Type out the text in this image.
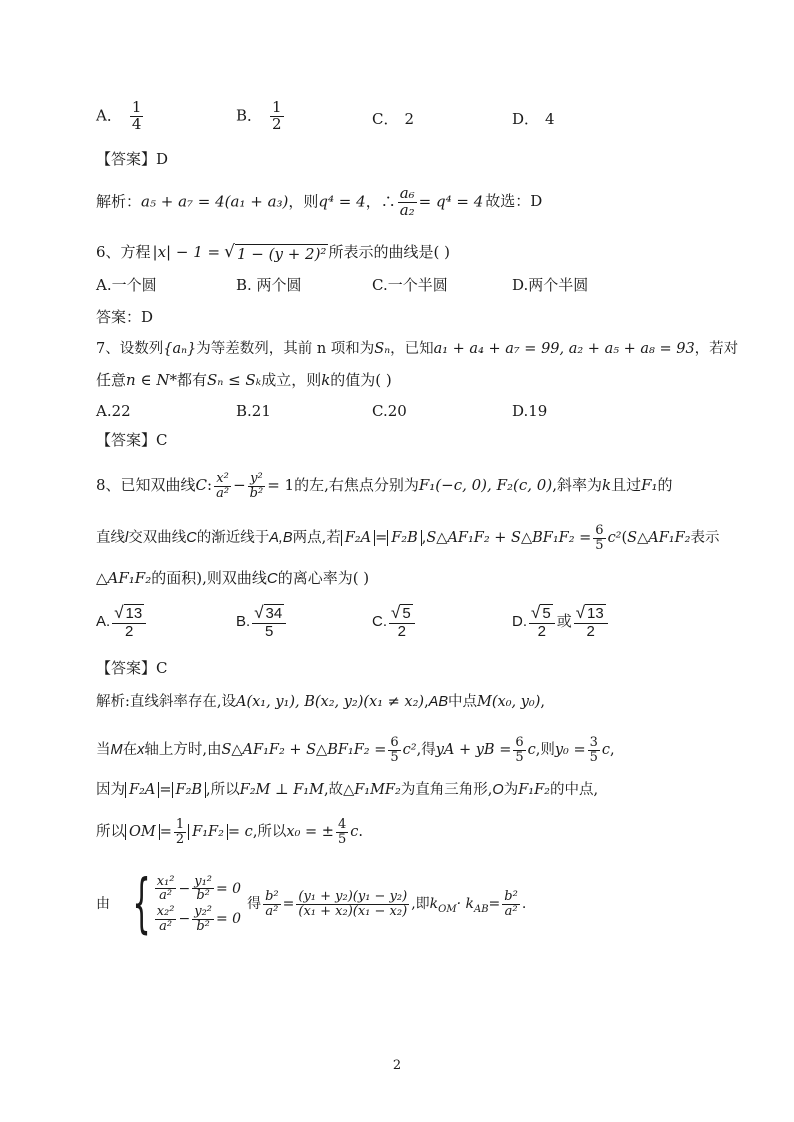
A． $\frac{1}{4}$	B． $\frac{1}{2}$	C． 2	D． 4
【答案】D
解析：a₅ + a₇ = 4(a₁ + a₃)，则q⁴ = 4，∴ $\frac{\text{a₆}}{\text{a₂}} = q^4 = 4$ 故选：D
6、方程 |x| − 1 = √ 1 − (y + 2)² 所表示的曲线是( )
A.一个圆	B. 两个圆	C.一个半圆	D.两个半圆
答案：D
7、设数列{aₙ}为等差数列，其前 n 项和为Sₙ，已知a₁ + a₄ + a₇ = 99, a₂ + a₅ + a₈ = 93，若对
任意n ∈ N*都有Sₙ ≤ Sₖ成立，则k的值为( )
A.22	B.21	C.20	D.19
【答案】C
8、已知双曲线C: $\frac{\text{x²}}{\text{a²}} - \frac{\text{y²}}{\text{b²}} = 1$的左,右焦点分别为F₁(−c, 0), F₂(c, 0),斜率为k且过F₁的
直线l交双曲线C的渐近线于A,B两点,若 F₂A = F₂B ,S△AF₁F₂ + S△BF₁F₂ = $\frac{6}{5}$ c²(S△AF₁F₂表示
△AF₁F₂的面积),则双曲线C的离心率为( )
A. $\frac{√ 13}{2}$	B. $\frac{√ 34}{5}$	C. $\frac{√ 5}{2}$	D. $\frac{√ 5}{2}$ 或 $\frac{√ 13}{2}$
【答案】C
解析:直线斜率存在,设A(x₁, y₁), B(x₂, y₂)(x₁ ≠ x₂),AB中点M(x₀, y₀),
当M在x轴上方时,由S△AF₁F₂ + S△BF₁F₂ = $\frac{6}{5} c^2$,得yA + yB = $\frac{6}{5} c$,则$y_0 = \frac{3}{5} c$,
因为 F₂A = F₂B ,所以F₂M ⊥ F₁M,故△F₁MF₂为直角三角形,O为F₁F₂的中点,
所以 OM = $\frac{1}{2} F_1F_2 = c$,所以x₀ = ± $\frac{4}{5} c$.
由 { $\frac{\text{x₁²}}{\text{a²}} - \frac{\text{y₁²}}{\text{b²}} = 0$
$\frac{\text{x₂²}}{\text{a²}} - \frac{\text{y₂²}}{\text{b²}} = 0$
得 $\frac{\text{b²}}{\text{a²}} = \frac{\text{(y₁ + y₂)(y₁ − y₂)}}{\text{(x₁ + x₂)(x₁ − x₂)}}$ ,即$k_{OM}\cdot k_{AB}= \frac{\text{b²}}{\text{a²}}$ .
2
